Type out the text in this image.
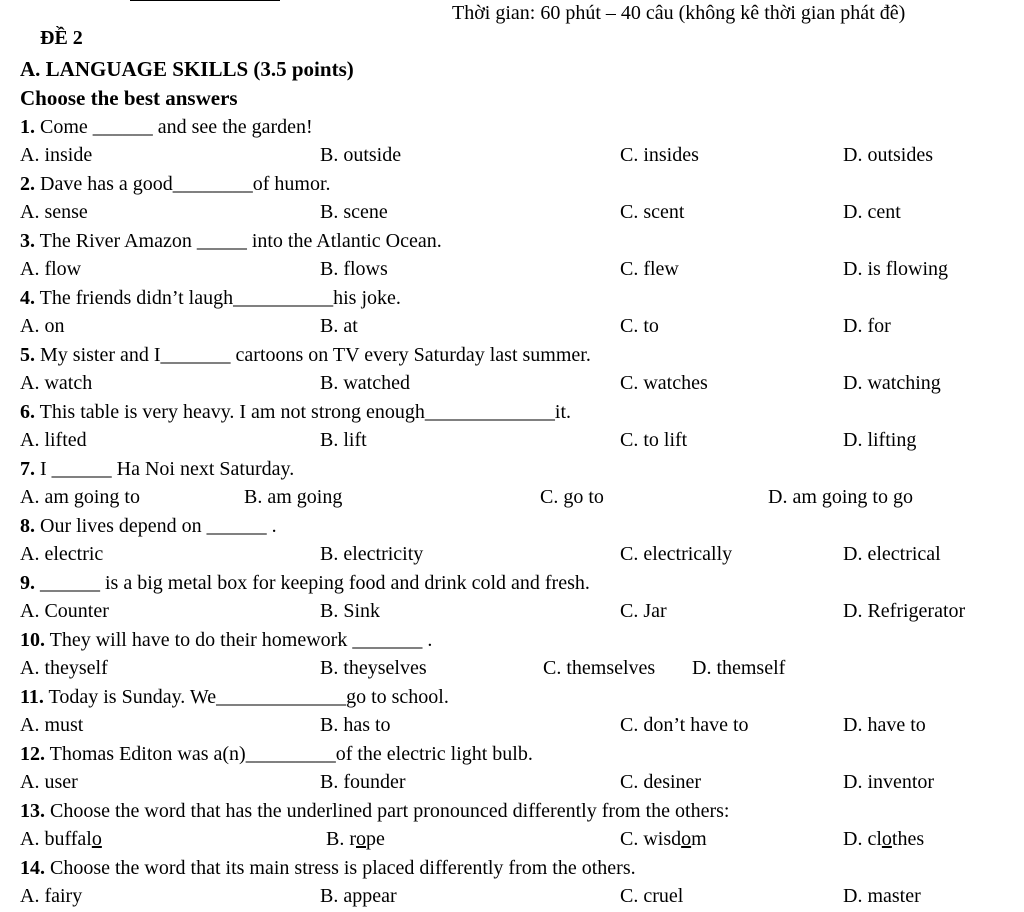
Thời gian: 60 phút – 40 câu (không kê thời gian phát đê)
ĐỀ 2
A. LANGUAGE SKILLS (3.5 points)
Choose the best answers
1. Come ______ and see the garden!
A. inside	B. outside	C. insides	D. outsides
2. Dave has a good________of humor.
A. sense	B. scene	C. scent	D. cent
3. The River Amazon _____ into the Atlantic Ocean.
A. flow	B. flows	C. flew	D. is flowing
4. The friends didn’t laugh__________his joke.
A. on	B. at	C. to	D. for
5. My sister and I_______ cartoons on TV every Saturday last summer.
A. watch	B. watched	C. watches	D. watching
6. This table is very heavy. I am not strong enough_____________it.
A. lifted	B. lift	C. to lift	D. lifting
7. I ______ Ha Noi next Saturday.
A. am going to	B. am going	C. go to	D. am going to go
8. Our lives depend on ______ .
A. electric	B. electricity	C. electrically	D. electrical
9. ______ is a big metal box for keeping food and drink cold and fresh.
A. Counter	B. Sink	C. Jar	D. Refrigerator
10. They will have to do their homework _______ .
A. theyself	B. theyselves	C. themselves D. themself
11. Today is Sunday. We_____________go to school.
A. must	B. has to	C. don’t have to	D. have to
12. Thomas Editon was a(n)_________of the electric light bulb.
A. user	B. founder	C. desiner	D. inventor
13. Choose the word that has the underlined part pronounced differently from the others:
A. buffalo	B. rope	C. wisdom	D. clothes
14. Choose the word that its main stress is placed differently from the others.
A. fairy	B. appear	C. cruel	D. master
